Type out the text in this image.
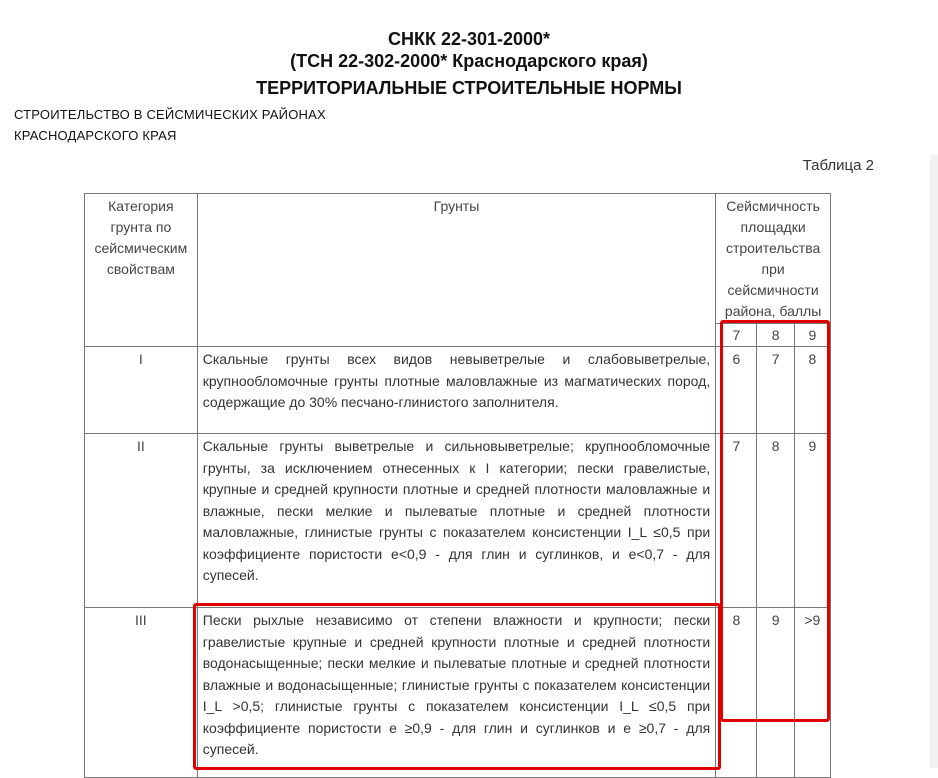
СНКК 22-301-2000*
(ТСН 22-302-2000* Краснодарского края)
ТЕРРИТОРИАЛЬНЫЕ СТРОИТЕЛЬНЫЕ НОРМЫ
СТРОИТЕЛЬСТВО В СЕЙСМИЧЕСКИХ РАЙОНАХ
КРАСНОДАРСКОГО КРАЯ
Таблица 2
Категория грунта по сейсмическим свойствам	Грунты	Сейсмичность площадки строительства при сейсмичности района, баллы		
		7	8	9
I	Скальные грунты всех видов невыветрелые и слабовыветрелые, крупнообломочные грунты плотные маловлажные из магматических пород, содержащие до 30% песчано-глинистого заполнителя.	6	7	8
II	Скальные грунты выветрелые и сильновыветрелые; крупнообломочные грунты, за исключением отнесенных к I категории; пески гравелистые, крупные и средней крупности плотные и средней плотности маловлажные и влажные, пески мелкие и пылеватые плотные и средней плотности маловлажные, глинистые грунты с показателем консистенции I_L ≤0,5 при коэффициенте пористости e<0,9 - для глин и суглинков, и e<0,7 - для супесей.	7	8	9
III	Пески рыхлые независимо от степени влажности и крупности; пески гравелистые крупные и средней крупности плотные и средней плотности водонасыщенные; пески мелкие и пылеватые плотные и средней плотности влажные и водонасыщенные; глинистые грунты с показателем консистенции I_L >0,5; глинистые грунты с показателем консистенции I_L ≤0,5 при коэффициенте пористости e ≥0,9 - для глин и суглинков и e ≥0,7 - для супесей.	8	9	>9
